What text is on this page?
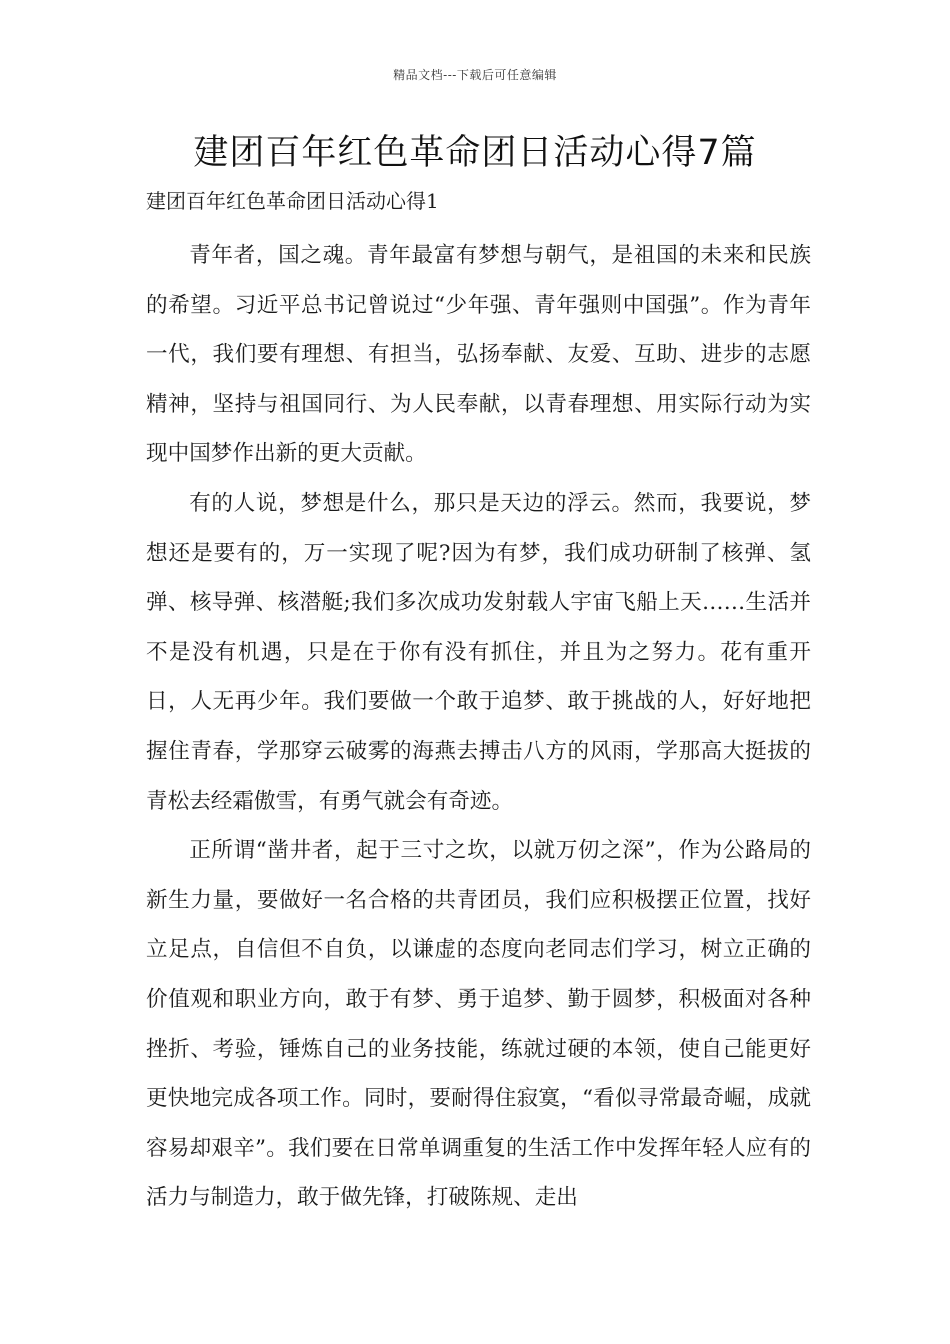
精品文档---下载后可任意编辑
建团百年红色革命团日活动心得7篇
建团百年红色革命团日活动心得1

青年者，国之魂。青年最富有梦想与朝气，是祖国的未来和民族的希望。习近平总书记曾说过“少年强、青年强则中国强”。作为青年一代，我们要有理想、有担当，弘扬奉献、友爱、互助、进步的志愿精神，坚持与祖国同行、为人民奉献，以青春理想、用实际行动为实现中国梦作出新的更大贡献。

有的人说，梦想是什么，那只是天边的浮云。然而，我要说，梦想还是要有的，万一实现了呢?因为有梦，我们成功研制了核弹、氢弹、核导弹、核潜艇;我们多次成功发射载人宇宙飞船上天……生活并不是没有机遇，只是在于你有没有抓住，并且为之努力。花有重开日，人无再少年。我们要做一个敢于追梦、敢于挑战的人，好好地把握住青春，学那穿云破雾的海燕去搏击八方的风雨，学那高大挺拔的青松去经霜傲雪，有勇气就会有奇迹。

正所谓“凿井者，起于三寸之坎，以就万仞之深”，作为公路局的新生力量，要做好一名合格的共青团员，我们应积极摆正位置，找好立足点，自信但不自负，以谦虚的态度向老同志们学习，树立正确的价值观和职业方向，敢于有梦、勇于追梦、勤于圆梦，积极面对各种挫折、考验，锤炼自己的业务技能，练就过硬的本领，使自己能更好更快地完成各项工作。同时，要耐得住寂寞，“看似寻常最奇崛，成就容易却艰辛”。我们要在日常单调重复的生活工作中发挥年轻人应有的活力与制造力，敢于做先锋，打破陈规、走出
